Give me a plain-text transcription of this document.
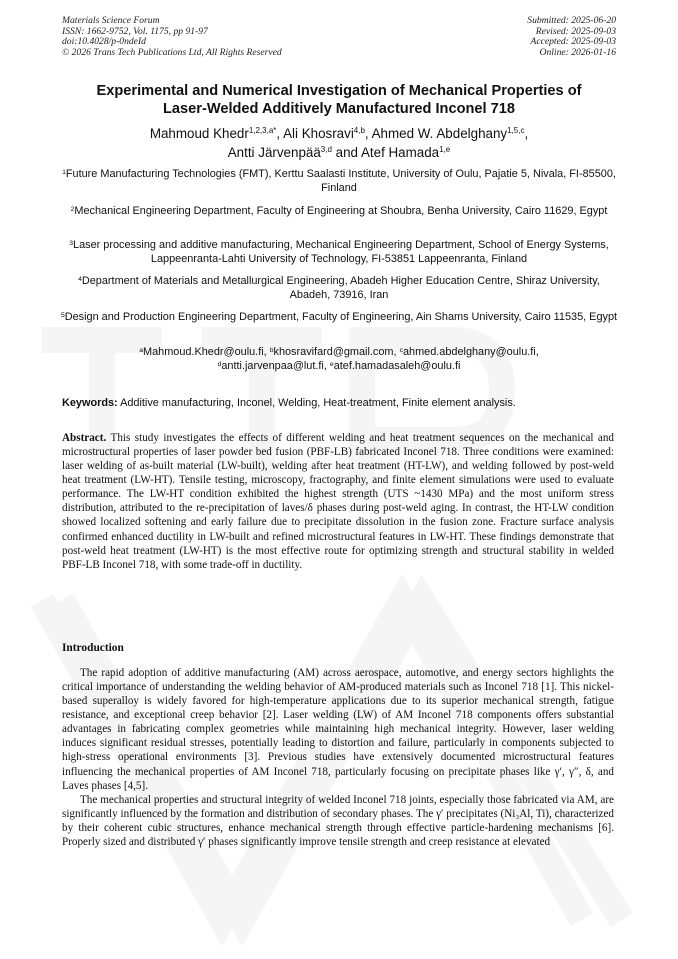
Materials Science Forum
ISSN: 1662-9752, Vol. 1175, pp 91-97
doi:10.4028/p-0ndeId
© 2026 Trans Tech Publications Ltd, All Rights Reserved
Submitted: 2025-06-20
Revised: 2025-09-03
Accepted: 2025-09-03
Online: 2026-01-16
Experimental and Numerical Investigation of Mechanical Properties of
Laser-Welded Additively Manufactured Inconel 718
Mahmoud Khedr$^{1,2,3,a*}$, Ali Khosravi$^{4,b}$, Ahmed W. Abdelghany$^{1,5,c}$,
Antti Järvenpää$^{3,d}$ and Atef Hamada$^{1,e}$
$^1$Future Manufacturing Technologies (FMT), Kerttu Saalasti Institute, University of Oulu, Pajatie 5, Nivala, FI-85500, Finland
$^2$Mechanical Engineering Department, Faculty of Engineering at Shoubra, Benha University, Cairo 11629, Egypt
$^3$Laser processing and additive manufacturing, Mechanical Engineering Department, School of Energy Systems, Lappeenranta-Lahti University of Technology, FI-53851 Lappeenranta, Finland
$^4$Department of Materials and Metallurgical Engineering, Abadeh Higher Education Centre, Shiraz University, Abadeh, 73916, Iran
$^5$Design and Production Engineering Department, Faculty of Engineering, Ain Shams University, Cairo 11535, Egypt
$^a$Mahmoud.Khedr@oulu.fi, $^b$khosravifard@gmail.com, $^c$ahmed.abdelghany@oulu.fi,
$^d$antti.jarvenpaa@lut.fi, $^e$atef.hamadasaleh@oulu.fi
Keywords: Additive manufacturing, Inconel, Welding, Heat-treatment, Finite element analysis.
Abstract. This study investigates the effects of different welding and heat treatment sequences on the mechanical and microstructural properties of laser powder bed fusion (PBF-LB) fabricated Inconel 718. Three conditions were examined: laser welding of as-built material (LW-built), welding after heat treatment (HT-LW), and welding followed by post-weld heat treatment (LW-HT). Tensile testing, microscopy, fractography, and finite element simulations were used to evaluate performance. The LW-HT condition exhibited the highest strength (UTS ~1430 MPa) and the most uniform stress distribution, attributed to the re-precipitation of laves/δ phases during post-weld aging. In contrast, the HT-LW condition showed localized softening and early failure due to precipitate dissolution in the fusion zone. Fracture surface analysis confirmed enhanced ductility in LW-built and refined microstructural features in LW-HT. These findings demonstrate that post-weld heat treatment (LW-HT) is the most effective route for optimizing strength and structural stability in welded PBF-LB Inconel 718, with some trade-off in ductility.
Introduction

The rapid adoption of additive manufacturing (AM) across aerospace, automotive, and energy sectors highlights the critical importance of understanding the welding behavior of AM-produced materials such as Inconel 718 [1]. This nickel-based superalloy is widely favored for high-temperature applications due to its superior mechanical strength, fatigue resistance, and exceptional creep behavior [2]. Laser welding (LW) of AM Inconel 718 components offers substantial advantages in fabricating complex geometries while maintaining high mechanical integrity. However, laser welding induces significant residual stresses, potentially leading to distortion and failure, particularly in components subjected to high-stress operational environments [3]. Previous studies have extensively documented microstructural features influencing the mechanical properties of AM Inconel 718, particularly focusing on precipitate phases like γ′, γ″, δ, and Laves phases [4,5].

The mechanical properties and structural integrity of welded Inconel 718 joints, especially those fabricated via AM, are significantly influenced by the formation and distribution of secondary phases. The γ′ precipitates (Ni₃Al, Ti), characterized by their coherent cubic structures, enhance mechanical strength through effective particle-hardening mechanisms [6]. Properly sized and distributed γ′ phases significantly improve tensile strength and creep resistance at elevated
